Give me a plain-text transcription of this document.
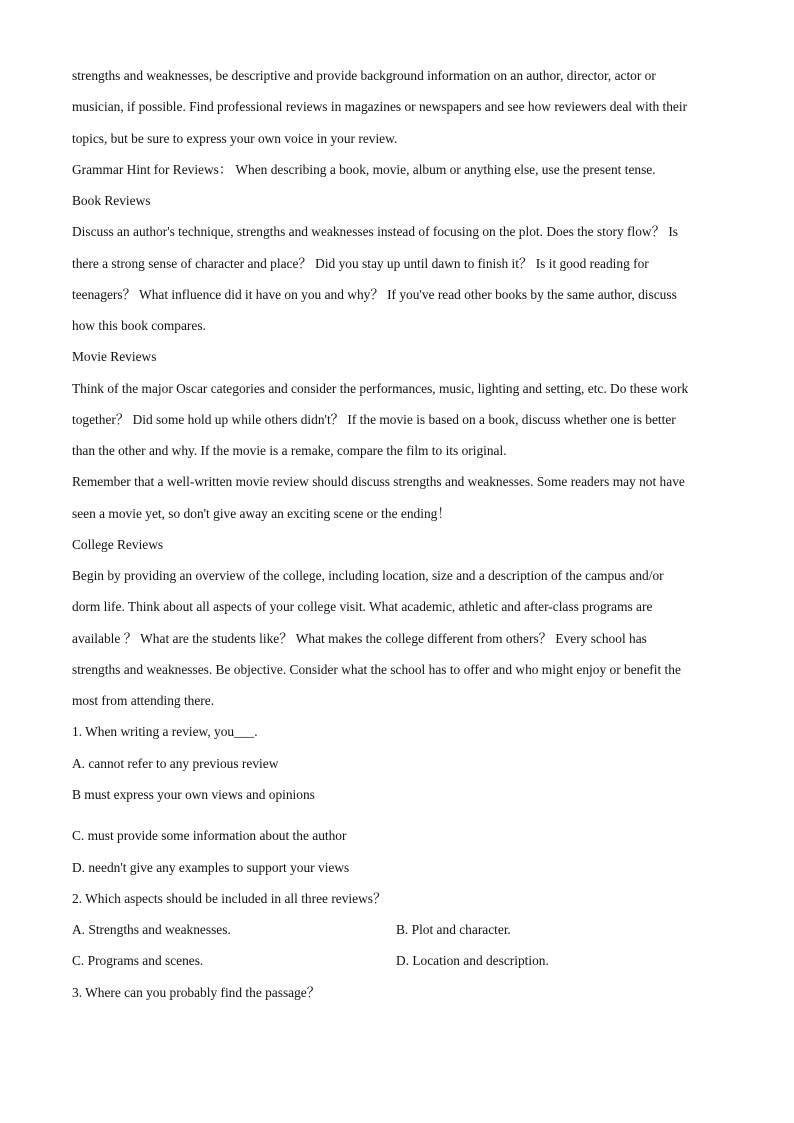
strengths and weaknesses, be descriptive and provide background information on an author, director, actor or
musician, if possible. Find professional reviews in magazines or newspapers and see how reviewers deal with their
topics, but be sure to express your own voice in your review.
Grammar Hint for Reviews： When describing a book, movie, album or anything else, use the present tense.
Book Reviews
Discuss an author's technique, strengths and weaknesses instead of focusing on the plot. Does the story flow？ Is
there a strong sense of character and place？ Did you stay up until dawn to finish it？ Is it good reading for
teenagers？ What influence did it have on you and why？ If you've read other books by the same author, discuss
how this book compares.
Movie Reviews
Think of the major Oscar categories and consider the performances, music, lighting and setting, etc. Do these work
together？ Did some hold up while others didn't？ If the movie is based on a book, discuss whether one is better
than the other and why. If the movie is a remake, compare the film to its original.
Remember that a well-written movie review should discuss strengths and weaknesses. Some readers may not have
seen a movie yet, so don't give away an exciting scene or the ending！
College Reviews
Begin by providing an overview of the college, including location, size and a description of the campus and/or
dorm life. Think about all aspects of your college visit. What academic, athletic and after-class programs are
available ？ What are the students like？ What makes the college different from others？ Every school has
strengths and weaknesses. Be objective. Consider what the school has to offer and who might enjoy or benefit the
most from attending there.
1. When writing a review, you___.
A. cannot refer to any previous review
B must express your own views and opinions
C. must provide some information about the author
D. needn't give any examples to support your views
2. Which aspects should be included in all three reviews？
A. Strengths and weaknesses.	B. Plot and character.
C. Programs and scenes.	D. Location and description.
3. Where can you probably find the passage？
